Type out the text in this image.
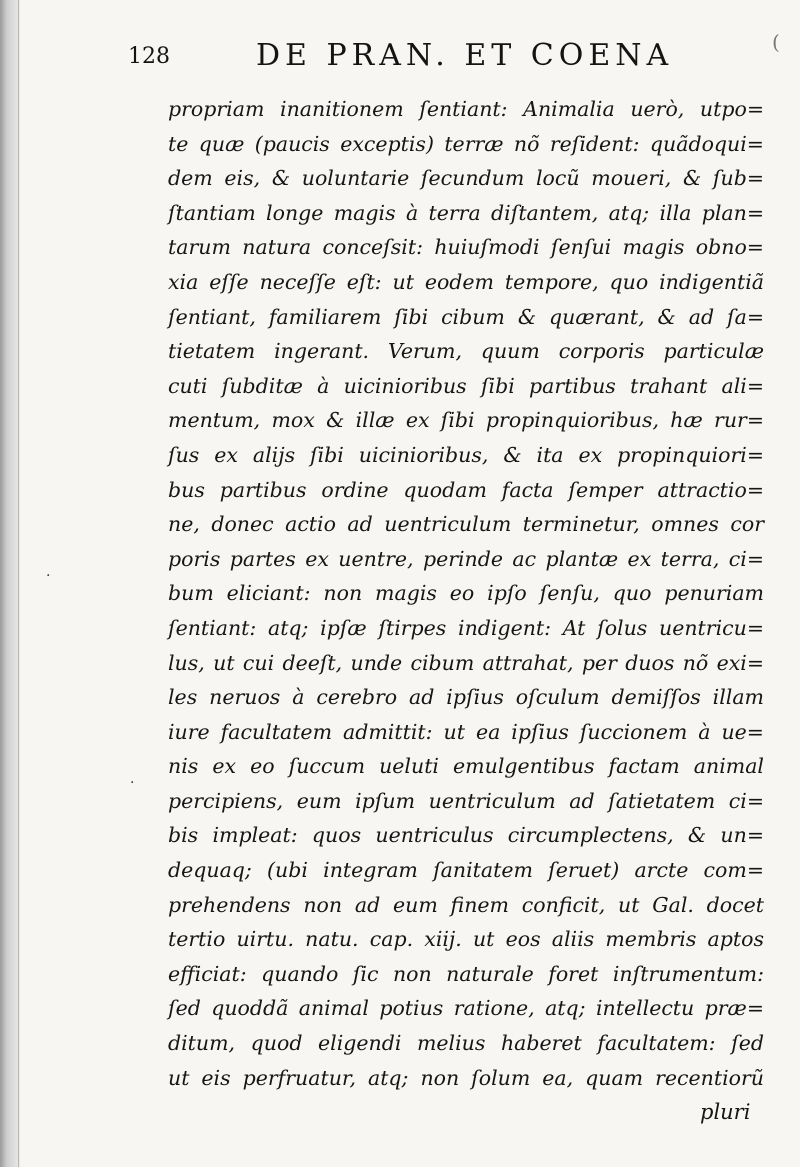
128	DE PRAN. ET COENA
propriam inanitionem ſentiant: Animalia uerò, utpo=
te quæ (paucis exceptis) terræ nõ reſident: quãdoqui=
dem eis, & uoluntarie ſecundum locũ moueri, & ſub=
ſtantiam longe magis à terra diſtantem, atq; illa plan=
tarum natura conceſsit: huiuſmodi ſenſui magis obno=
xia eſſe neceſſe eſt: ut eodem tempore, quo indigentiã
ſentiant, familiarem ſibi cibum & quærant, & ad ſa=
tietatem ingerant. Verum, quum corporis particulæ
cuti ſubditæ à uicinioribus ſibi partibus trahant ali=
mentum, mox & illæ ex ſibi propinquioribus, hæ rur=
ſus ex alijs ſibi uicinioribus, & ita ex propinquiori=
bus partibus ordine quodam facta ſemper attractio=
ne, donec actio ad uentriculum terminetur, omnes cor
poris partes ex uentre, perinde ac plantæ ex terra, ci=
bum eliciant: non magis eo ipſo ſenſu, quo penuriam
ſentiant: atq; ipſæ ſtirpes indigent: At ſolus uentricu=
lus, ut cui deeſt, unde cibum attrahat, per duos nõ exi=
les neruos à cerebro ad ipſius oſculum demiſſos illam
iure facultatem admittit: ut ea ipſius ſuccionem à ue=
nis ex eo ſuccum ueluti emulgentibus factam animal
percipiens, eum ipſum uentriculum ad ſatietatem ci=
bis impleat: quos uentriculus circumplectens, & un=
dequaq; (ubi integram ſanitatem ſeruet) arcte com=
prehendens non ad eum finem conficit, ut Gal. docet
tertio uirtu. natu. cap. xiij. ut eos aliis membris aptos
efficiat: quando ſic non naturale foret inſtrumentum:
ſed quoddã animal potius ratione, atq; intellectu præ=
ditum, quod eligendi melius haberet facultatem: ſed
ut eis perfruatur, atq; non ſolum ea, quam recentiorũ
pluri
·
·
(
